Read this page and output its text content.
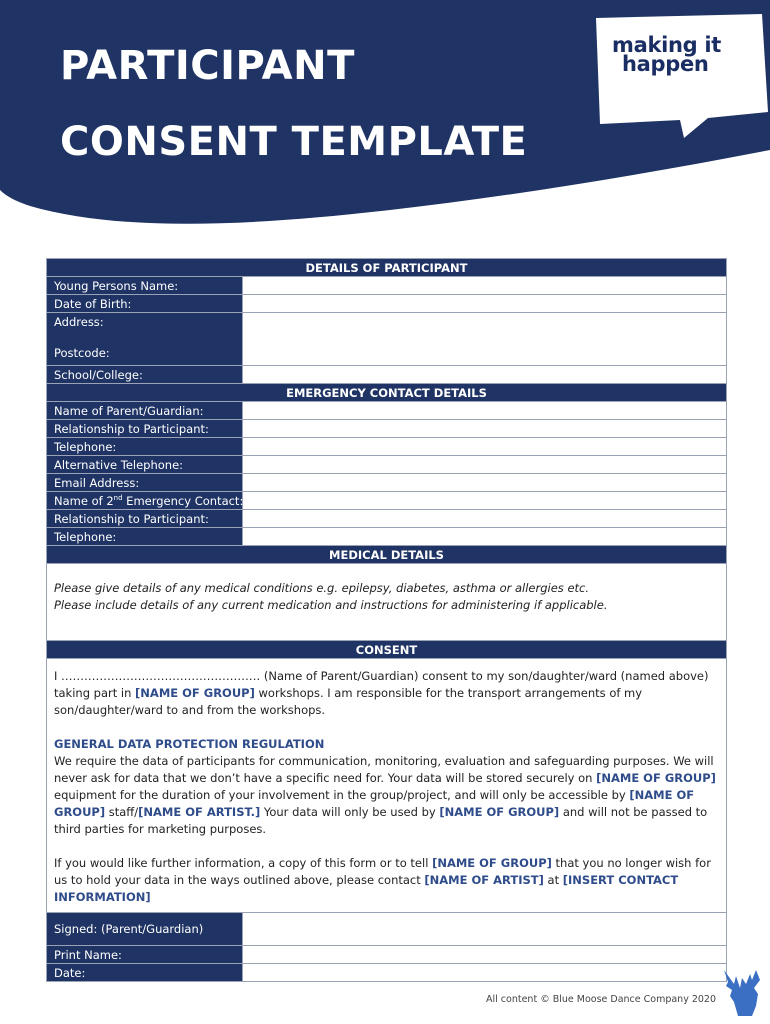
PARTICIPANT
CONSENT TEMPLATE
making it
happen
DETAILS OF PARTICIPANT	
Young Persons Name:	
Date of Birth:	

Address:
Postcode:	

School/College:	
EMERGENCY CONTACT DETAILS	
Name of Parent/Guardian:	
Relationship to Participant:	
Telephone:	
Alternative Telephone:	
Email Address:	
Name of 2nd Emergency Contact:	
Relationship to Participant:	
Telephone:	
MEDICAL DETAILS	

Please give details of any medical conditions e.g. epilepsy, diabetes, asthma or allergies etc.
Please include details of any current medication and instructions for administering if applicable.	

CONSENT	

I ……………………………………………. (Name of Parent/Guardian) consent to my son/daughter/ward (named above) taking part in [NAME OF GROUP] workshops. I am responsible for the transport arrangements of my son/daughter/ward to and from the workshops.

GENERAL DATA PROTECTION REGULATION

We require the data of participants for communication, monitoring, evaluation and safeguarding purposes. We will never ask for data that we don’t have a specific need for. Your data will be stored securely on [NAME OF GROUP] equipment for the duration of your involvement in the group/project, and will only be accessible by [NAME OF GROUP] staff/[NAME OF ARTIST.] Your data will only be used by [NAME OF GROUP] and will not be passed to third parties for marketing purposes.

If you would like further information, a copy of this form or to tell [NAME OF GROUP] that you no longer wish for us to hold your data in the ways outlined above, please contact [NAME OF ARTIST] at [INSERT CONTACT INFORMATION]	

Signed: (Parent/Guardian)	
Print Name:	
Date:	
All content © Blue Moose Dance Company 2020
